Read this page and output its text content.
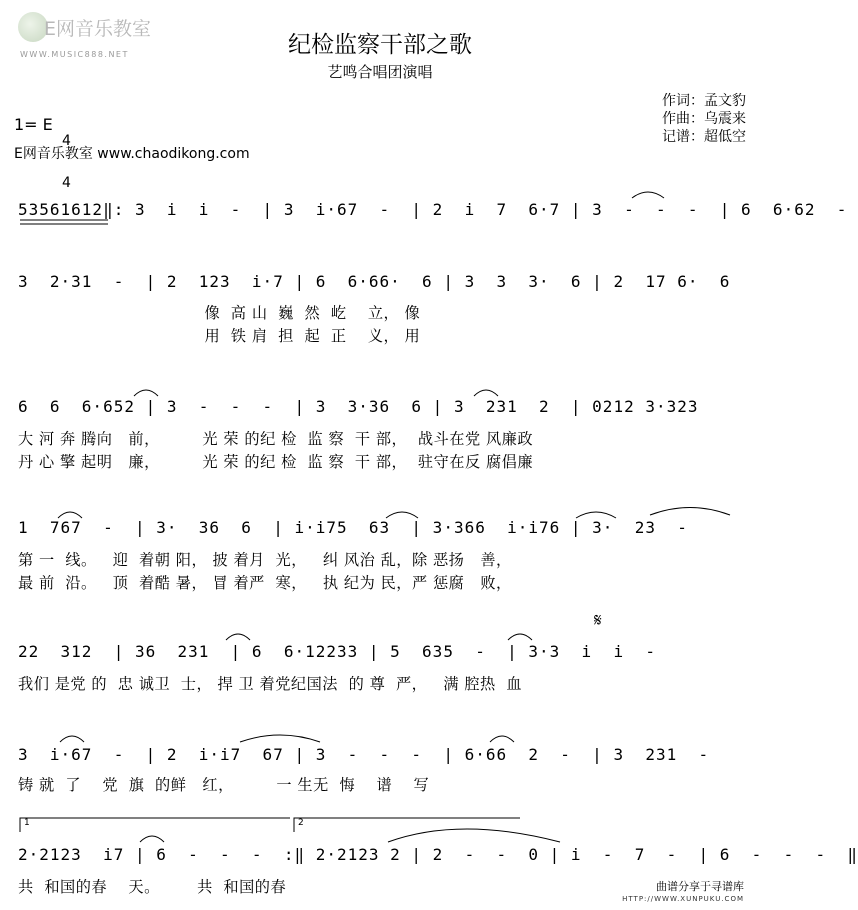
E网音乐教室

WWW.MUSIC888.NET	纪检监察干部之歌
艺鸣合唱团演唱
作词：孟文豹
作曲：乌震来
记谱：超低空
1= E

4

4

E网音乐教室 www.chaodikong.com
53561612‖: 3  i  i  -  | 3  i·67  -  | 2  i  7  6·7 | 3  -  -  -  | 6  6·62  -
3  2·31  -  | 2  123  i·7 | 6  6·66·  6 | 3  3  3·  6 | 2  17 6·  6
像  高 山  巍  然  屹    立， 像
用  铁 肩  担  起  正    义， 用
6  6  6·652 | 3  -  -  -  | 3  3·36  6 | 3  231  2  | 0212 3·323
大 河 奔 腾向   前，        光 荣 的纪 检  监 察  干 部，  战斗在党 风廉政
丹 心 擎 起明   廉，        光 荣 的纪 检  监 察  干 部，  驻守在反 腐倡廉
1  767  -  | 3·  36  6  | i·i75  63  | 3·366  i·i76 | 3·  23  -
第 一  线。   迎  着朝 阳， 披 着月  光，   纠 风治 乱，除 恶扬   善，
最 前  沿。   顶  着酷 暑， 冒 着严  寒，   执 纪为 民，严 惩腐   败，
𝄋
22  312  | 36  231  | 6  6·12233 | 5  635  -  | 3·3  i  i  -
我们 是党 的  忠 诚卫  士， 捍 卫 着党纪国法  的 尊  严，   满 腔热  血
3  i·67  -  | 2  i·i7  67 | 3  -  -  -  | 6·66  2  -  | 3  231  -
铸 就  了    党  旗  的鲜   红，        一 生无  悔    谱    写
1	2
2·2123  i7 | 6  -  -  -  :‖ 2·2123 2 | 2  -  -  0 | i  -  7  -  | 6  -  -  -  ‖
共  和国的春    天。       共  和国的春	曲谱分享于寻谱库
HTTP://WWW.XUNPUKU.COM
